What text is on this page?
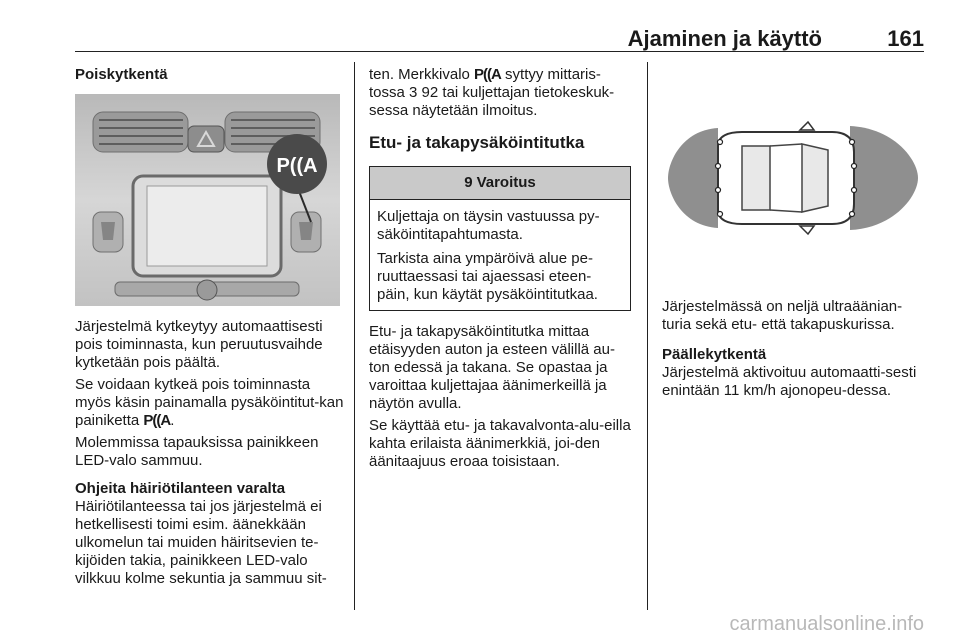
Ajaminen ja käyttö	161
Poiskytkentä
P((A

Järjestelmä kytkeytyy automaattisesti pois toiminnasta, kun peruutusvaihde kytketään pois päältä.

Se voidaan kytkeä pois toiminnasta myös käsin painamalla pysäköintitut-kan painiketta P((A.

Molemmissa tapauksissa painikkeen LED-valo sammuu.

Ohjeita häiriötilanteen varalta

Häiriötilanteessa tai jos järjestelmä ei hetkellisesti toimi esim. äänekkään ulkomelun tai muiden häiritsevien te-kijöiden takia, painikkeen LED-valo vilkkuu kolme sekuntia ja sammuu sit-

ten. Merkkivalo P((A syttyy mittaris-tossa 3 92 tai kuljettajan tietokeskuk-sessa näytetään ilmoitus.

Etu- ja takapysäköintitutka
9 Varoitus

Kuljettaja on täysin vastuussa py-säköintitapahtumasta.

Tarkista aina ympäröivä alue pe-ruuttaessasi tai ajaessasi eteen-päin, kun käytät pysäköintitutkaa.

Etu- ja takapysäköintitutka mittaa etäisyyden auton ja esteen välillä au-ton edessä ja takana. Se opastaa ja varoittaa kuljettajaa äänimerkeillä ja näytön avulla.

Se käyttää etu- ja takavalvonta-alu-eilla kahta erilaista äänimerkkiä, joi-den äänitaajuus eroaa toisistaan.

Järjestelmässä on neljä ultraäänian-turia sekä etu- että takapuskurissa.

Päällekytkentä

Järjestelmä aktivoituu automaatti-sesti enintään 11 km/h ajonopeu-dessa.

carmanualsonline.info
